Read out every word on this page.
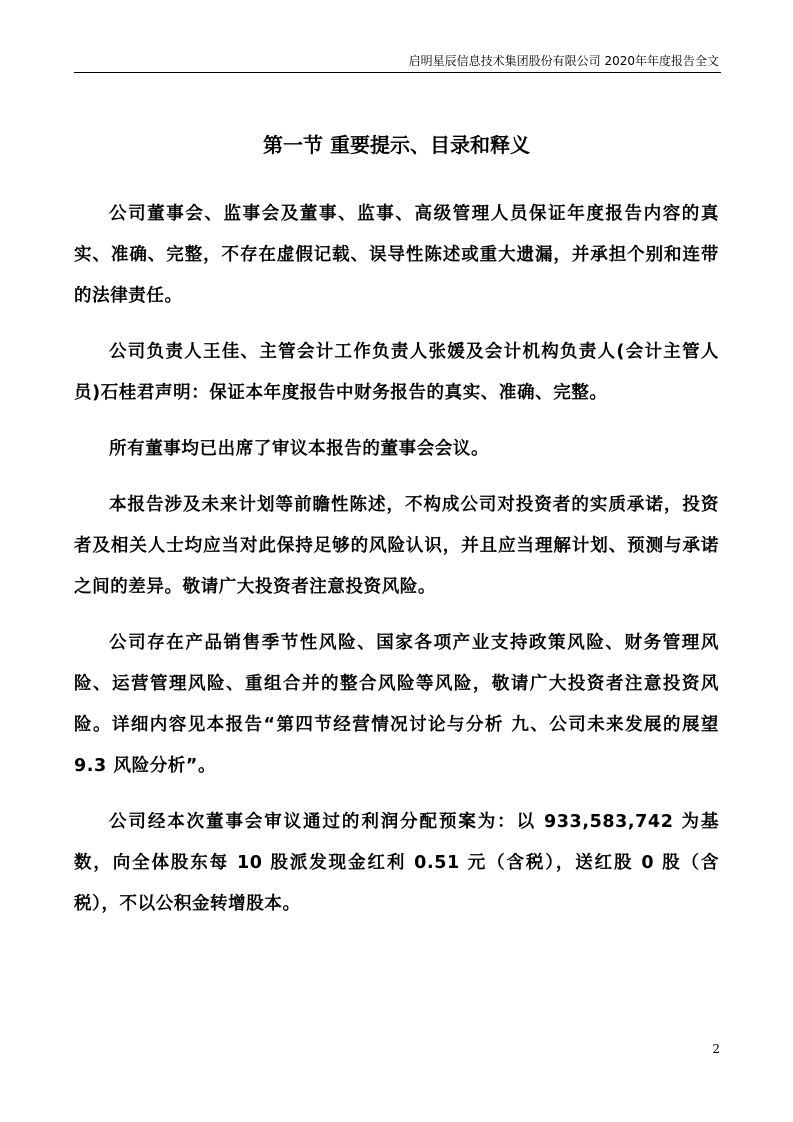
启明星辰信息技术集团股份有限公司 2020年年度报告全文
第一节 重要提示、目录和释义

公司董事会、监事会及董事、监事、高级管理人员保证年度报告内容的真实、准确、完整，不存在虚假记载、误导性陈述或重大遗漏，并承担个别和连带的法律责任。

公司负责人王佳、主管会计工作负责人张媛及会计机构负责人(会计主管人员)石桂君声明：保证本年度报告中财务报告的真实、准确、完整。

所有董事均已出席了审议本报告的董事会会议。

本报告涉及未来计划等前瞻性陈述，不构成公司对投资者的实质承诺，投资者及相关人士均应当对此保持足够的风险认识，并且应当理解计划、预测与承诺之间的差异。敬请广大投资者注意投资风险。

公司存在产品销售季节性风险、国家各项产业支持政策风险、财务管理风险、运营管理风险、重组合并的整合风险等风险，敬请广大投资者注意投资风险。详细内容见本报告“第四节经营情况讨论与分析 九、公司未来发展的展望 9.3 风险分析”。

公司经本次董事会审议通过的利润分配预案为：以 933,583,742 为基数，向全体股东每 10 股派发现金红利 0.51 元（含税），送红股 0 股（含税），不以公积金转增股本。

2
